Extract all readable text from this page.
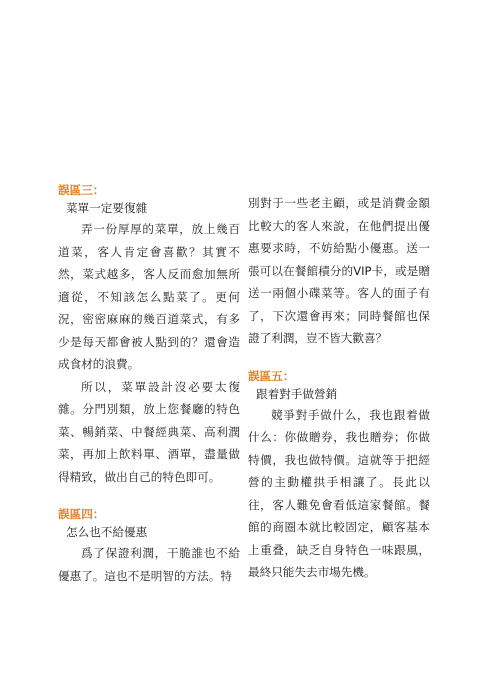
誤區三：

菜單一定要復雜

弄一份厚厚的菜單，放上幾百道菜，客人肯定會喜歡？其實不然，菜式越多，客人反而愈加無所適從，不知該怎么點菜了。更何況，密密麻麻的幾百道菜式，有多少是每天都會被人點到的？還會造成食材的浪費。

所以，菜單設計沒必要太復雜。分門別類，放上您餐廳的特色菜、暢銷菜、中餐經典菜、高利潤菜，再加上飲料單、酒單，盡量做得精致，做出自己的特色即可。

誤區四：

怎么也不給優惠

爲了保證利潤，干脆誰也不給優惠了。這也不是明智的方法。特

別對于一些老主顧，或是消費金額比較大的客人來說，在他們提出優惠要求時，不妨給點小優惠。送一張可以在餐館積分的VIP卡，或是贈送一兩個小碟菜等。客人的面子有了，下次還會再來；同時餐館也保證了利潤，豈不皆大歡喜？

誤區五：

跟着對手做營銷

競爭對手做什么，我也跟着做什么：你做贈券，我也贈券；你做特價，我也做特價。這就等于把經營的主動權拱手相讓了。長此以往，客人難免會看低這家餐館。餐館的商圈本就比較固定，顧客基本上重叠，缺乏自身特色一味跟風，最終只能失去市場先機。
